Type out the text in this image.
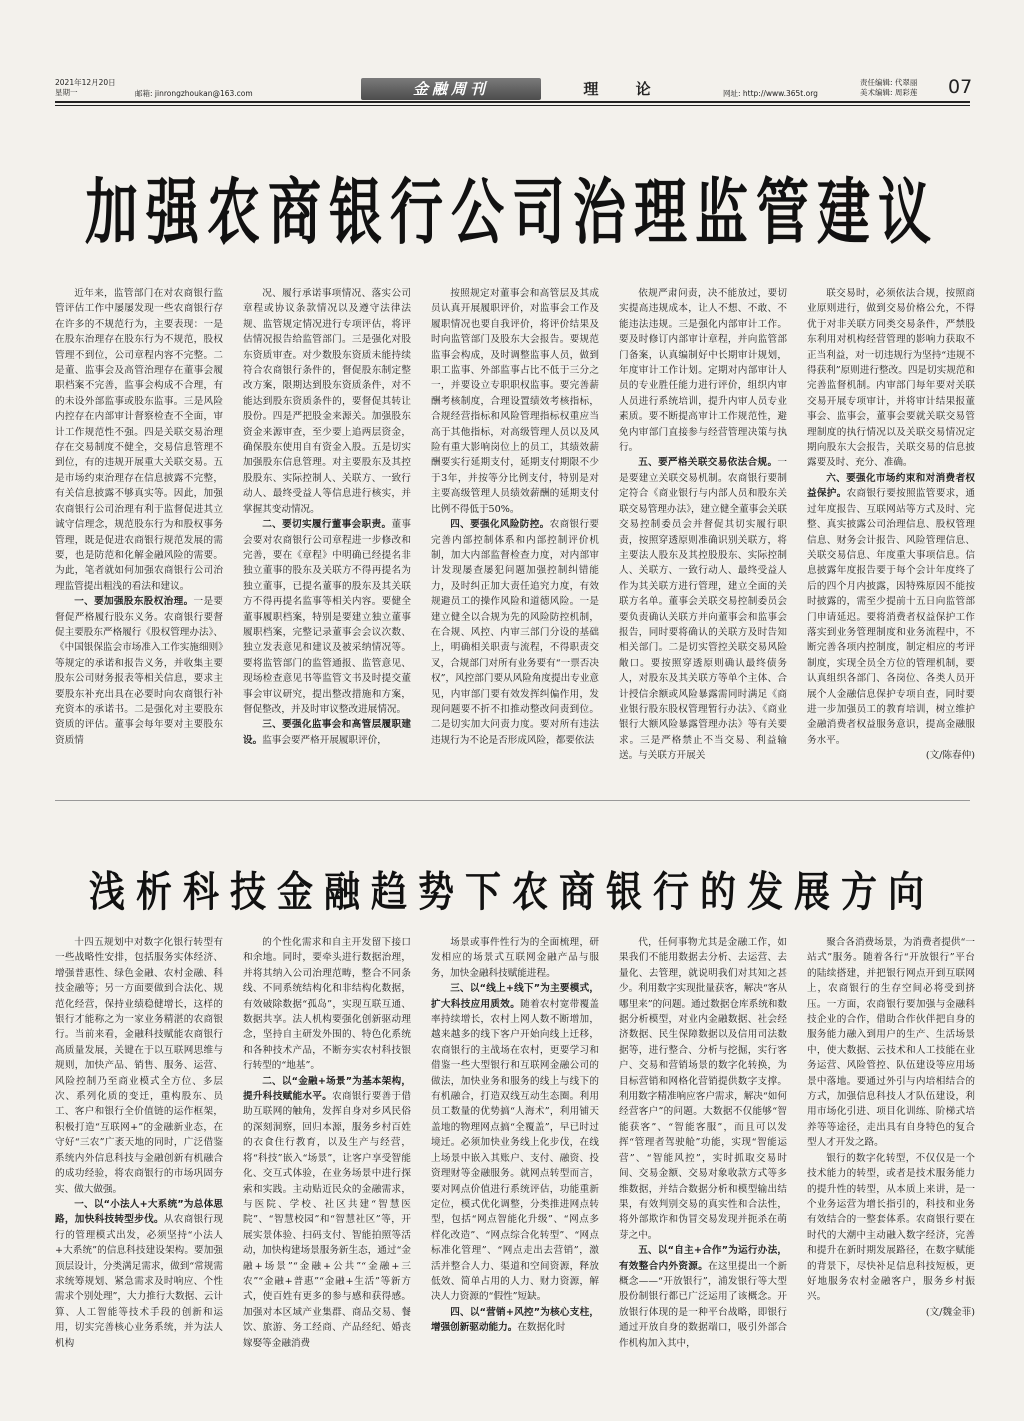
2021年12月20日
星期一	邮箱: jinrongzhoukan@163.com	金融周刊	理 论	网址: http://www.365t.org
责任编辑: 代翠丽
美术编辑: 周彩莲 07
加强农商银行公司治理监管建议

近年来，监管部门在对农商银行监管评估工作中屡屡发现一些农商银行存在许多的不规范行为，主要表现：一是在股东治理存在股东行为不规范，股权管理不到位，公司章程内容不完整。二是董、监事会及高管治理存在董事会履职档案不完善，监事会构成不合理，有的未设外部监事或股东监事。三是风险内控存在内部审计督察检查不全面，审计工作规范性不强。四是关联交易治理存在交易制度不健全，交易信息管理不到位，有的违规开展重大关联交易。五是市场约束治理存在信息披露不完整，有关信息披露不够真实等。因此，加强农商银行公司治理有利于监督促进其立诚守信理念，规范股东行为和股权事务管理，既是促进农商银行规范发展的需要，也是防范和化解金融风险的需要。为此，笔者就如何加强农商银行公司治理监管提出粗浅的看法和建议。

一、要加强股东股权治理。一是要督促严格履行股东义务。农商银行要督促主要股东严格履行《股权管理办法》、《中国银保监会市场准入工作实施细则》等规定的承诺和报告义务，并收集主要股东公司财务报表等相关信息，要求主要股东补充出具在必要时向农商银行补充资本的承诺书。二是强化对主要股东资质的评估。董事会每年要对主要股东资质情

况、履行承诺事项情况、落实公司章程或协议条款情况以及遵守法律法规、监管规定情况进行专项评估，将评估情况报告给监管部门。三是强化对股东资质审查。对少数股东资质未能持续符合农商银行条件的，督促股东制定整改方案，限期达到股东资质条件，对不能达到股东资质条件的，要督促其转让股份。四是严把股金来源关。加强股东资金来源审查，至少要上追两层资金，确保股东使用自有资金入股。五是切实加强股东信息管理。对主要股东及其控股股东、实际控制人、关联方、一致行动人、最终受益人等信息进行核实，并掌握其变动情况。

二、要切实履行董事会职责。董事会要对农商银行公司章程进一步修改和完善，要在《章程》中明确已经提名非独立董事的股东及关联方不得再提名为独立董事，已提名董事的股东及其关联方不得再提名监事等相关内容。要健全董事履职档案，特别是要建立独立董事履职档案，完整记录董事会会议次数、独立发表意见和建议及被采纳情况等。要将监管部门的监管通报、监管意见、现场检查意见书等监管文书及时提交董事会审议研究，提出整改措施和方案，督促整改，并及时审议整改进展情况。

三、要强化监事会和高管层履职建设。监事会要严格开展履职评价，

按照规定对董事会和高管层及其成员认真开展履职评价，对监事会工作及履职情况也要自我评价，将评价结果及时向监管部门及股东大会报告。要规范监事会构成，及时调整监事人员，做到职工监事、外部监事占比不低于三分之一，并要设立专职职权监事。要完善薪酬考核制度，合理设置绩效考核指标，合规经营指标和风险管理指标权重应当高于其他指标，对高级管理人员以及风险有重大影响岗位上的员工，其绩效薪酬要实行延期支付，延期支付期限不少于3年，并按等分比例支付，特别是对主要高级管理人员绩效薪酬的延期支付比例不得低于50%。

四、要强化风险防控。农商银行要完善内部控制体系和内部控制评价机制，加大内部监督检查力度，对内部审计发现屡查屡犯问题加强控制纠错能力，及时纠正加大责任追究力度，有效规避员工的操作风险和道德风险。一是建立健全以合规为先的风险防控机制，在合规、风控、内审三部门分设的基础上，明确相关职责与流程，不得职责交叉，合规部门对所有业务要有“一票否决权”，风控部门要从风险角度提出专业意见，内审部门要有效发挥纠偏作用，发现问题要不折不扣推动整改问责到位。二是切实加大问责力度。要对所有违法违规行为不论是否形成风险，都要依法

依规严肃问责，决不能放过，要切实提高违规成本，让人不想、不敢、不能违法违规。三是强化内部审计工作。要及时修订内部审计章程，并向监管部门备案，认真编制好中长期审计规划，年度审计工作计划。定期对内部审计人员的专业胜任能力进行评价，组织内审人员进行系统培训，提升内审人员专业素质。要不断提高审计工作规范性，避免内审部门直接参与经营管理决策与执行。

五、要严格关联交易依法合规。一是要建立关联交易机制。农商银行要制定符合《商业银行与内部人员和股东关联交易管理办法》，建立健全董事会关联交易控制委员会并督促其切实履行职责，按照穿透原则准确识别关联方，将主要法人股东及其控股股东、实际控制人、关联方、一致行动人、最终受益人作为其关联方进行管理，建立全面的关联方名单。董事会关联交易控制委员会要负责确认关联方并向董事会和监事会报告，同时要将确认的关联方及时告知相关部门。二是切实管控关联交易风险敞口。要按照穿透原则确认最终债务人，对股东及其关联方等单个主体、合计授信余额或风险暴露需同时满足《商业银行股东股权管理暂行办法》、《商业银行大额风险暴露管理办法》等有关要求。三是严格禁止不当交易、利益输送。与关联方开展关

联交易时，必须依法合规，按照商业原则进行，做到交易价格公允，不得优于对非关联方同类交易条件，严禁股东利用对机构经营管理的影响力获取不正当利益，对一切违规行为坚持“违规不得获利”原则进行整改。四是切实规范和完善监督机制。内审部门每年要对关联交易开展专项审计，并将审计结果报董事会、监事会，董事会要就关联交易管理制度的执行情况以及关联交易情况定期向股东大会报告，关联交易的信息披露要及时、充分、准确。

六、要强化市场约束和对消费者权益保护。农商银行要按照监管要求，通过年度报告、互联网站等方式及时、完整、真实披露公司治理信息、股权管理信息、财务会计报告、风险管理信息、关联交易信息、年度重大事项信息。信息披露年度报告要于每个会计年度终了后的四个月内披露，因特殊原因不能按时披露的，需至少提前十五日向监管部门申请延迟。要将消费者权益保护工作落实到业务管理制度和业务流程中，不断完善各项内控制度，制定相应的考评制度，实现全员全方位的管理机制，要认真组织各部门、各岗位、各类人员开展个人金融信息保护专项自查，同时要进一步加强员工的教育培训，树立维护金融消费者权益服务意识，提高金融服务水平。

(文/陈春仲)

浅析科技金融趋势下农商银行的发展方向

十四五规划中对数字化银行转型有一些战略性安排，包括服务实体经济、增强普惠性、绿色金融、农村金融、科技金融等；另一方面要做到合法化、规范化经营，保持业绩稳健增长，这样的银行才能称之为一家业务精湛的农商银行。当前来看，金融科技赋能农商银行高质量发展，关键在于以互联网思维与规则，加快产品、销售、服务、运营、风险控制乃至商业模式全方位、多层次、系列化质的变迁，重构股东、员工、客户和银行全价值链的运作框架，积极打造“互联网+”的金融新业态，在守好“三农”广袤天地的同时，广泛借鉴系统内外信息科技与金融创新有机融合的成功经验，将农商银行的市场巩固夯实、做大做强。

一、以“小法人+大系统”为总体思路，加快科技转型步伐。从农商银行现行的管理模式出发，必须坚持“小法人+大系统”的信息科技建设架构。要加强顶层设计，分类满足需求，做到“常规需求统筹规划、紧急需求及时响应、个性需求个别处理”，大力推行大数据、云计算、人工智能等技术手段的创新和运用，切实完善核心业务系统，并为法人机构

的个性化需求和自主开发留下接口和余地。同时，要牵头进行数据治理，并将其纳入公司治理范畴，整合不同条线、不同系统结构化和非结构化数据，有效破除数据“孤岛”，实现互联互通、数据共享。法人机构要强化创新驱动理念，坚持自主研发外围的、特色化系统和各种技术产品，不断夯实农村科技银行转型的“地基”。

二、以“金融+场景”为基本架构，提升科技赋能水平。农商银行要善于借助互联网的触角，发挥自身对乡风民俗的深刻洞察，回归本源，服务乡村百姓的衣食住行教育，以及生产与经营，将“科技”嵌入“场景”，让客户享受智能化、交互式体验，在业务场景中进行探索和实践。主动贴近民众的金融需求，与医院、学校、社区共建“智慧医院”、“智慧校园”和“智慧社区”等，开展实景体验、扫码支付、智能拍照等活动，加快构建场景服务新生态，通过“金融+场景”“金融+公共”“金融+三农”“金融+普惠”“金融+生活”等新方式，使百姓有更多的参与感和获得感。加强对本区域产业集群、商品交易、餐饮、旅游、务工经商、产品经纪、婚丧嫁娶等金融消费

场景或事件性行为的全面梳理，研发相应的场景式互联网金融产品与服务，加快金融科技赋能进程。

三、以“线上+线下”为主要模式，扩大科技应用质效。随着农村宽带覆盖率持续增长，农村上网人数不断增加，越来越多的线下客户开始向线上迁移，农商银行的主战场在农村，更要学习和借鉴一些大型银行和互联网金融公司的做法，加快业务和服务的线上与线下的有机融合，打造双线互动生态圈。利用员工数量的优势搞“人海术”，利用铺天盖地的物理网点搞“全覆盖”，早已时过境迁。必须加快业务线上化步伐，在线上场景中嵌入其账户、支付、融资、投资理财等金融服务。就网点转型而言，要对网点价值进行系统评估，功能重新定位，模式优化调整，分类推进网点转型，包括“网点智能化升级”、“网点多样化改造”、“网点综合化转型”、“网点标准化管理”、“网点走出去营销”，激活并整合人力、渠道和空间资源，释放低效、简单占用的人力、财力资源，解决人力资源的“假性”短缺。

四、以“营销+风控”为核心支柱，增强创新驱动能力。在数据化时

代，任何事物尤其是金融工作，如果我们不能用数据去分析、去运营、去量化、去管理，就说明我们对其知之甚少。利用数字实现批量获客，解决“客从哪里来”的问题。通过数据仓库系统和数据分析模型，对业内金融数据、社会经济数据、民生保障数据以及信用司法数据等，进行整合、分析与挖掘，实行客户、交易和营销场景的数字化转换，为目标营销和网格化营销提供数字支撑。利用数字精准响应客户需求，解决“如何经营客户”的问题。大数据不仅能够“智能获客”、“智能客服”，而且可以发挥“管理者驾驶舱”功能，实现“智能运营”、“智能风控”，实时抓取交易时间、交易金额、交易对象收款方式等多维数据，并结合数据分析和模型输出结果，有效判别交易的真实性和合法性，将外部欺诈和伪冒交易发现并扼杀在萌芽之中。

五、以“自主+合作”为运行办法，有效整合内外资源。在这里提出一个新概念——“开放银行”，浦发银行等大型股份制银行都已广泛运用了该概念。开放银行体现的是一种平台战略，即银行通过开放自身的数据端口，吸引外部合作机构加入其中，

聚合各消费场景，为消费者提供“一站式”服务。随着各行“开放银行”平台的陆续搭建，并把银行网点开到互联网上，农商银行的生存空间必将受到挤压。一方面，农商银行要加强与金融科技企业的合作，借助合作伙伴把自身的服务能力融入到用户的生产、生活场景中，使大数据、云技术和人工技能在业务运营、风险管控、队伍建设等应用场景中落地。要通过外引与内培相结合的方式，加强信息科技人才队伍建设，利用市场化引进、项目化训练、阶梯式培养等等途径，走出具有自身特色的复合型人才开发之路。

银行的数字化转型，不仅仅是一个技术能力的转型，或者是技术服务能力的提升性的转型，从本质上来讲，是一个业务运营为增长指引的，科技和业务有效结合的一整套体系。农商银行要在时代的大潮中主动融入数字经济，完善和提升在新时期发展路径，在数字赋能的背景下，尽快补足信息科技短板，更好地服务农村金融客户，服务乡村振兴。

(文/魏金菲)
